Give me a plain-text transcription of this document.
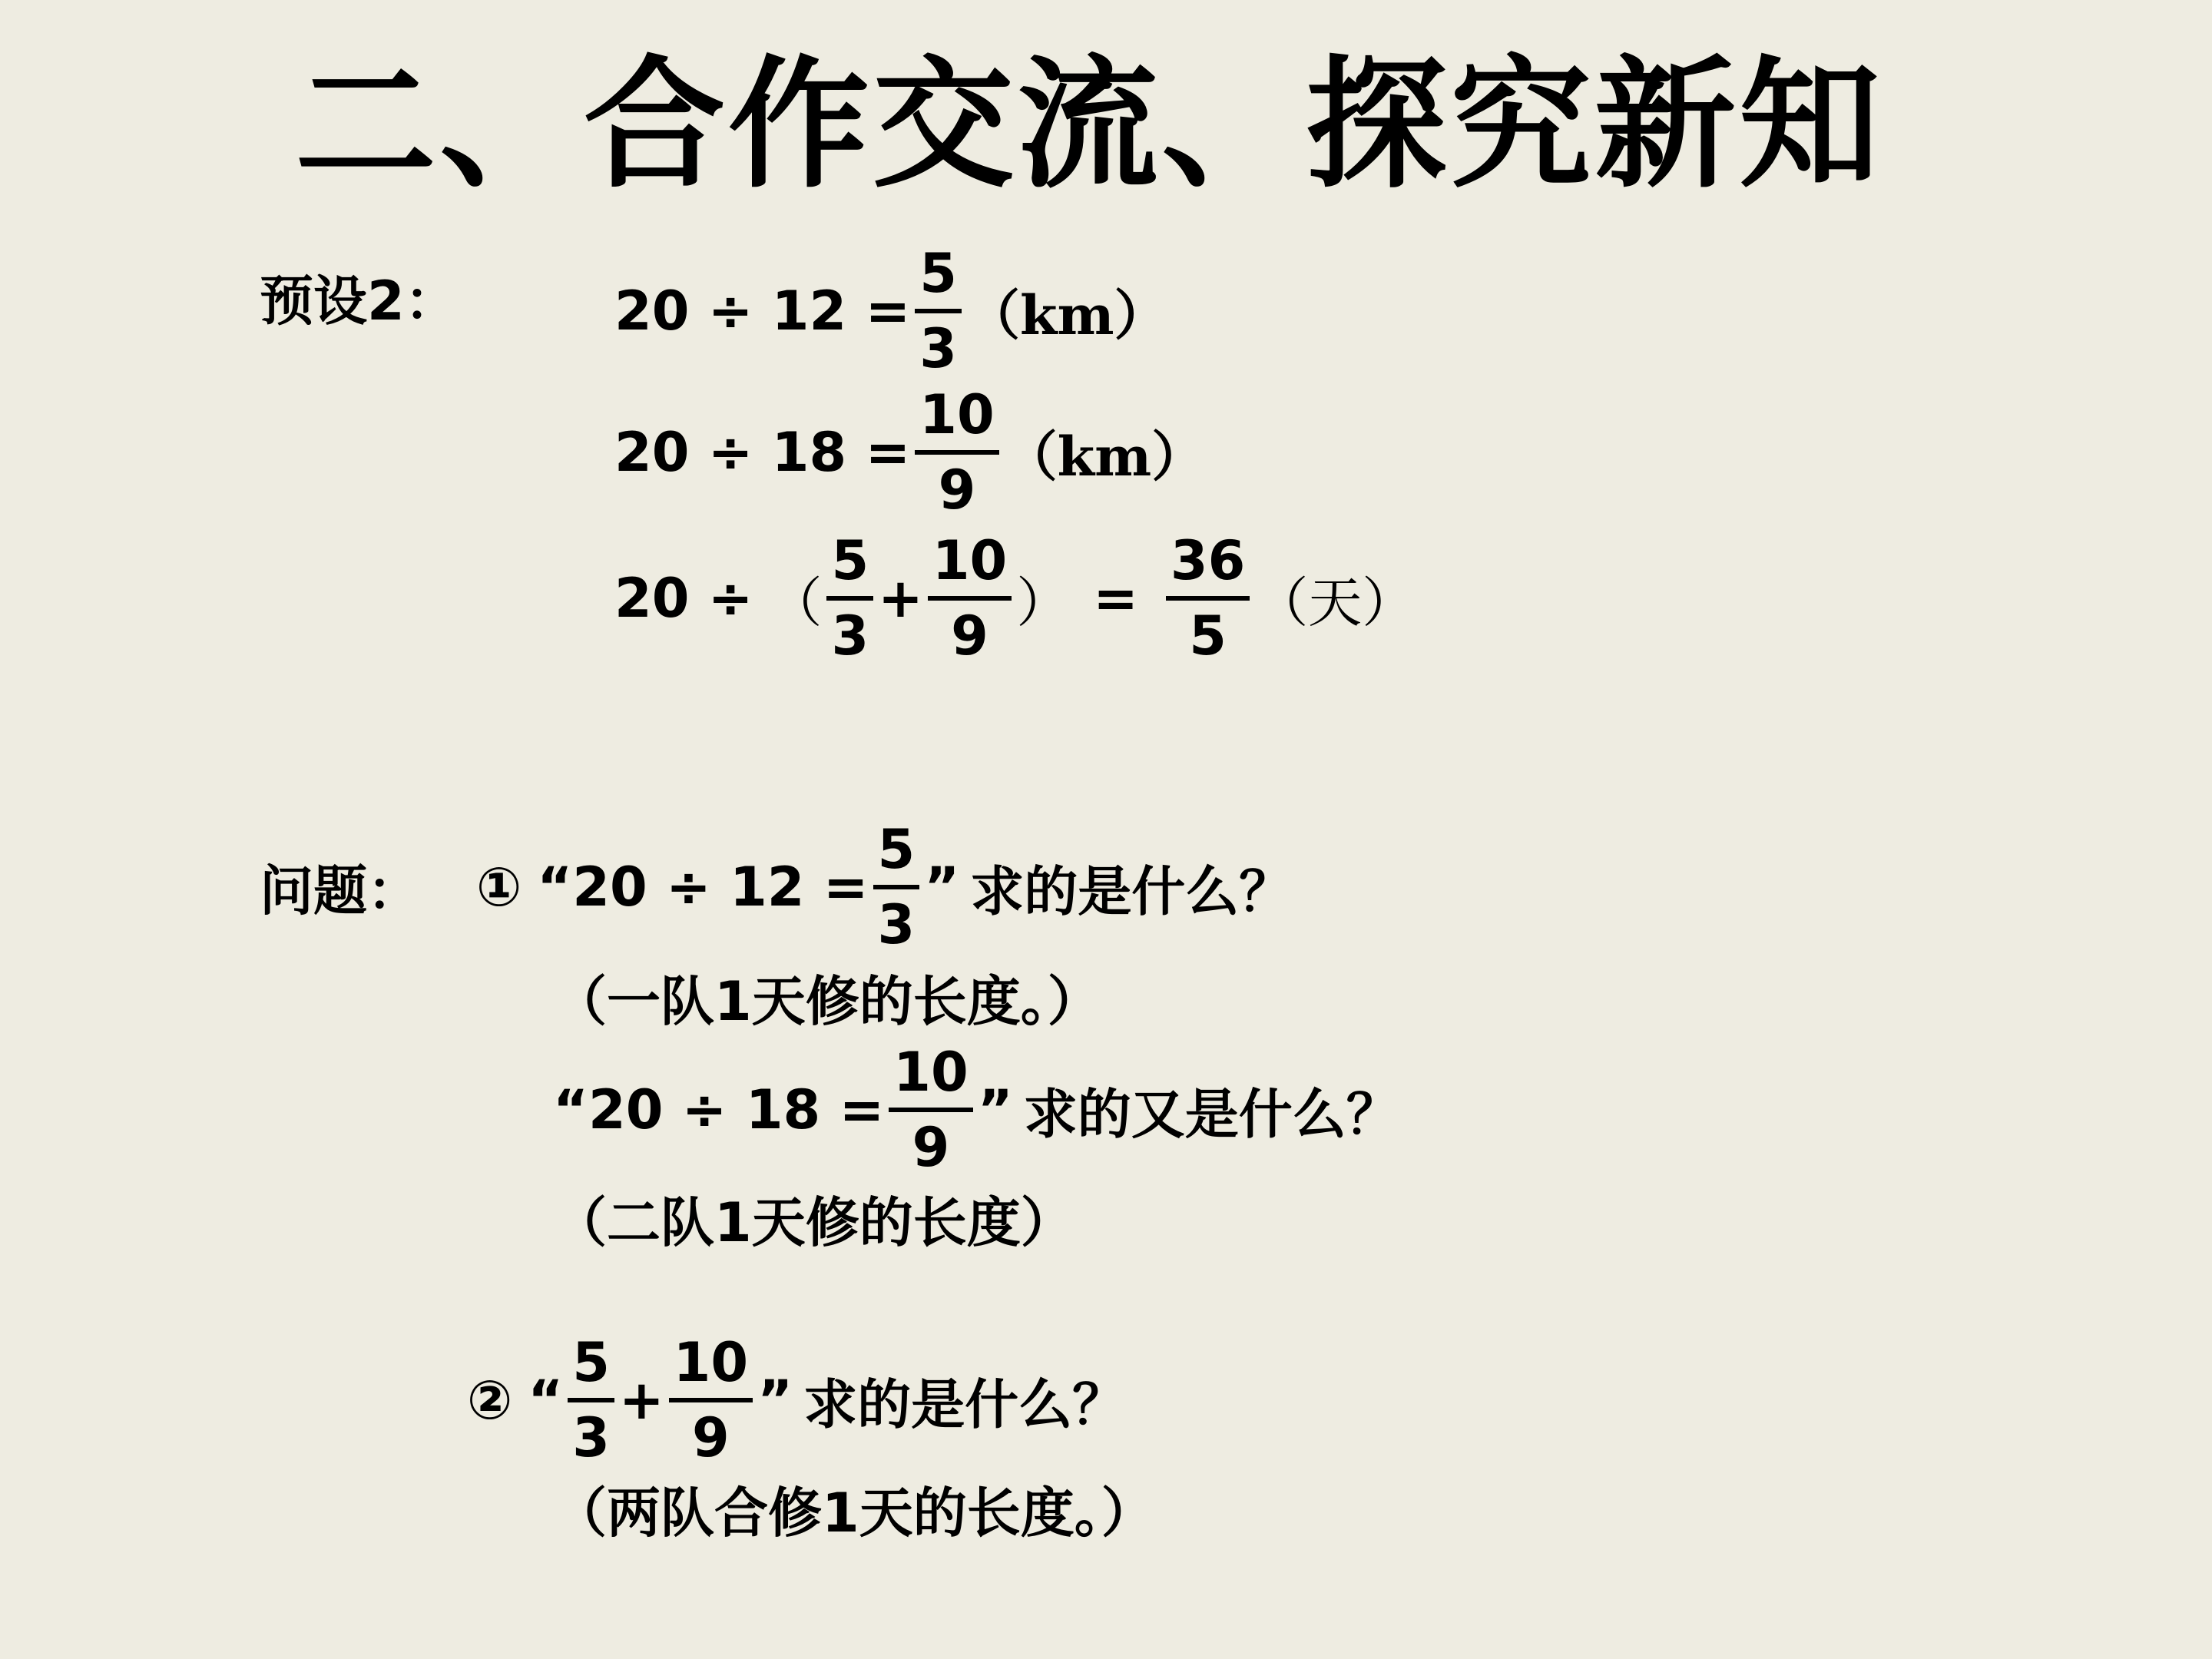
二、合作交流、探究新知
预设2：	20 ÷ 12 =
5
3
（km）
20 ÷ 18 =
10
9
（km）
20 ÷ （
5
3
+
10
9
） =
36
5
（天）
问题： ① “ 20 ÷ 12 =
5
3
” 求的是什么？
（一队1天修的长度。）
“ 20 ÷ 18 =
10
9
” 求的又是什么？
（二队1天修的长度）
② “
5
3
+
10
9
” 求的是什么？
（两队合修1天的长度。）
